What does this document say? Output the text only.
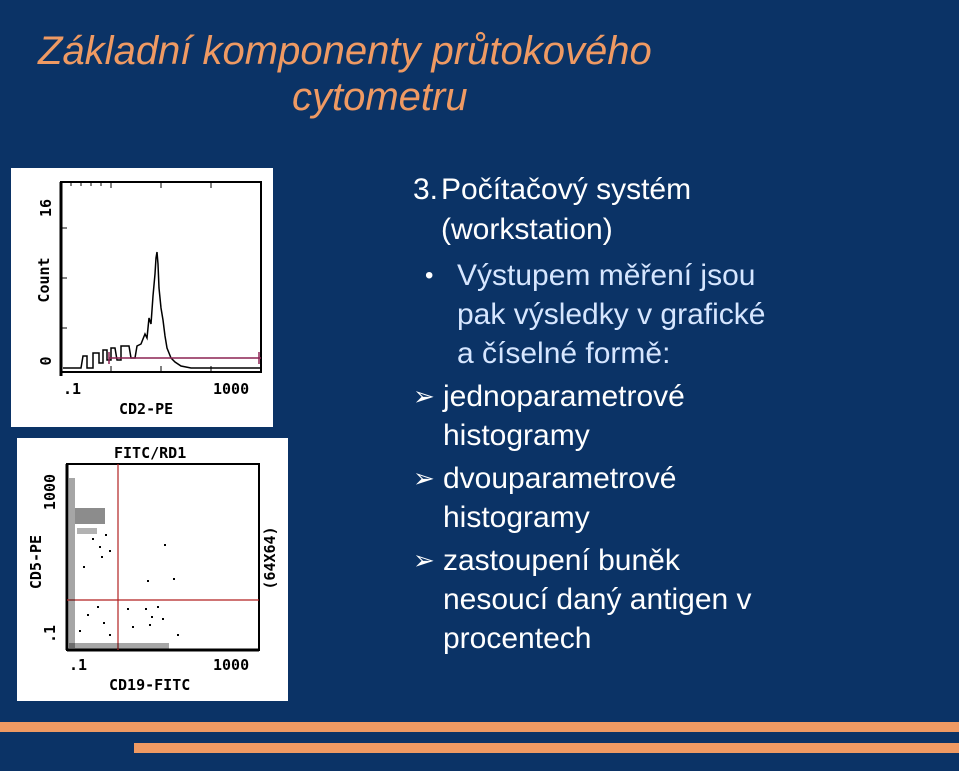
Základní komponenty průtokového
cytometru
16
Count
0
.1	1000
CD2-PE
FITC/RD1
1000
CD5-PE
.1
(64X64)
.1	1000
CD19-FITC
3.Počítačový systém
(workstation)
• Výstupem měření jsou
pak výsledky v grafické
a číselné formě:
➢ jednoparametrové
histogramy
➢ dvouparametrové
histogramy
➢ zastoupení buněk
nesoucí daný antigen v
procentech
